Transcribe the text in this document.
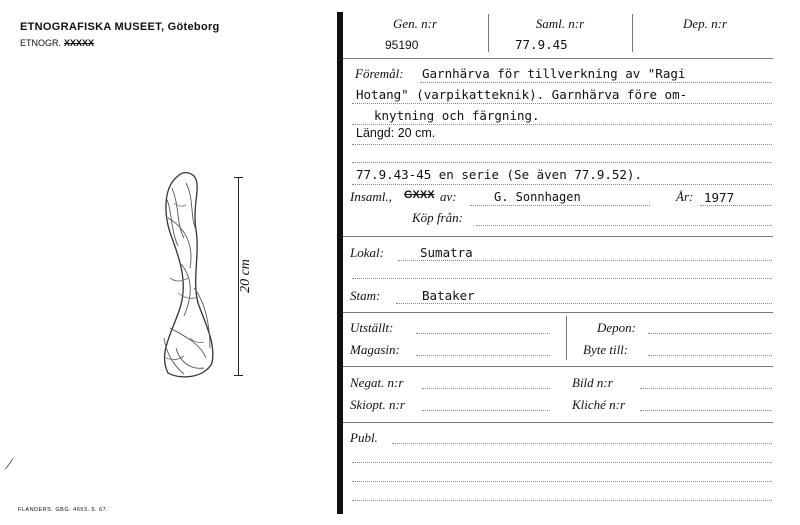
ETNOGRAFISKA MUSEET, Göteborg
ETNOGR. XXXXX
20 cm
⁄
FLANDERS. GBG. 4693. 5. 67.
Gen. n:r
95190
Saml. n:r
77.9.45
Dep. n:r
Föremål: Garnhärva för tillverkning av "Ragi
Hotang" (varpikatteknik). Garnhärva före om-
knytning och färgning.
Längd: 20 cm.
77.9.43-45 en serie (Se även 77.9.52).
Insaml., GXXX av:	G. Sonnhagen	År: 1977
Köp från:
Lokal:	Sumatra
Stam:	Bataker
Utställt:
Magasin:
Depon:
Byte till:
Negat. n:r
Skiopt. n:r
Bild n:r
Kliché n:r
Publ.
